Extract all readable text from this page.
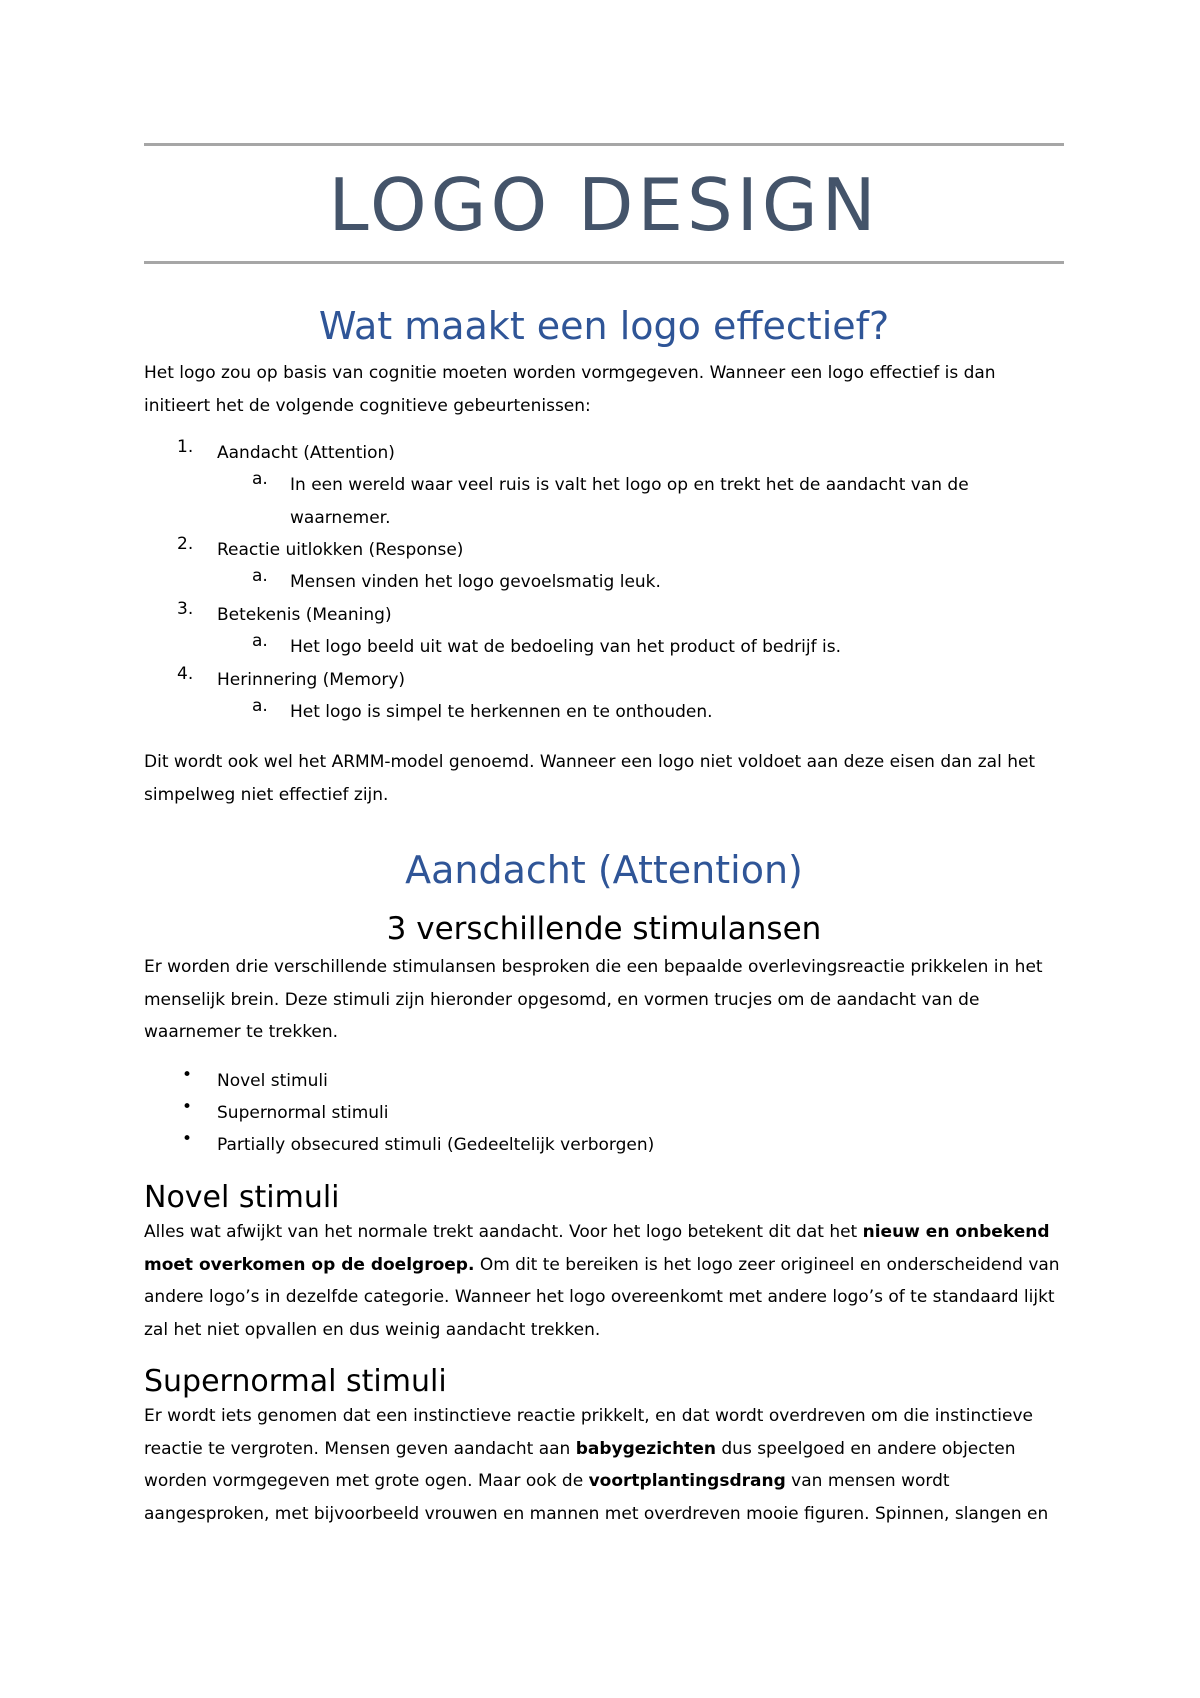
LOGO DESIGN
Wat maakt een logo effectief?
Het logo zou op basis van cognitie moeten worden vormgegeven. Wanneer een logo effectief is dan initieert het de volgende cognitieve gebeurtenissen:
1.	Aandacht (Attention)
a.	In een wereld waar veel ruis is valt het logo op en trekt het de aandacht van de waarnemer.
2.	Reactie uitlokken (Response)
a.	Mensen vinden het logo gevoelsmatig leuk.
3.	Betekenis (Meaning)
a.	Het logo beeld uit wat de bedoeling van het product of bedrijf is.
4.	Herinnering (Memory)
a.	Het logo is simpel te herkennen en te onthouden.
Dit wordt ook wel het ARMM-model genoemd. Wanneer een logo niet voldoet aan deze eisen dan zal het simpelweg niet effectief zijn.
Aandacht (Attention)
3 verschillende stimulansen
Er worden drie verschillende stimulansen besproken die een bepaalde overlevingsreactie prikkelen in het menselijk brein. Deze stimuli zijn hieronder opgesomd, en vormen trucjes om de aandacht van de waarnemer te trekken.
• Novel stimuli
• Supernormal stimuli
• Partially obsecured stimuli (Gedeeltelijk verborgen)
Novel stimuli
Alles wat afwijkt van het normale trekt aandacht. Voor het logo betekent dit dat het nieuw en onbekend moet overkomen op de doelgroep. Om dit te bereiken is het logo zeer origineel en onderscheidend van andere logo’s in dezelfde categorie. Wanneer het logo overeenkomt met andere logo’s of te standaard lijkt zal het niet opvallen en dus weinig aandacht trekken.
Supernormal stimuli
Er wordt iets genomen dat een instinctieve reactie prikkelt, en dat wordt overdreven om die instinctieve reactie te vergroten. Mensen geven aandacht aan babygezichten dus speelgoed en andere objecten worden vormgegeven met grote ogen. Maar ook de voortplantingsdrang van mensen wordt aangesproken, met bijvoorbeeld vrouwen en mannen met overdreven mooie figuren. Spinnen, slangen en
